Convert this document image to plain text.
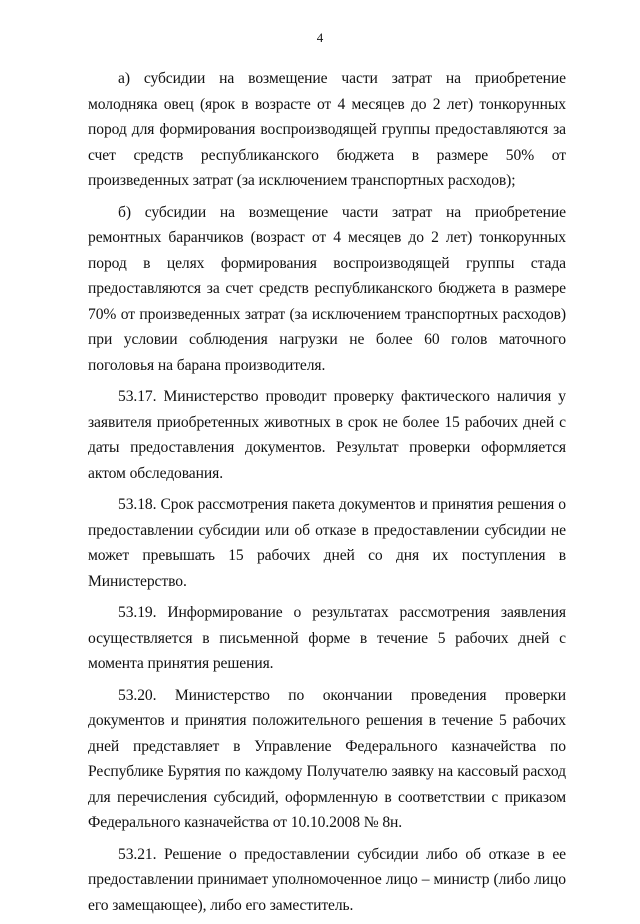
4

а) субсидии на возмещение части затрат на приобретение молодняка овец (ярок в возрасте от 4 месяцев до 2 лет) тонкорунных пород для формирования воспроизводящей группы предоставляются за счет средств республиканского бюджета в размере 50% от произведенных затрат (за исключением транспортных расходов);

б) субсидии на возмещение части затрат на приобретение ремонтных баранчиков (возраст от 4 месяцев до 2 лет) тонкорунных пород в целях формирования воспроизводящей группы стада предоставляются за счет средств республиканского бюджета в размере 70% от произведенных затрат (за исключением транспортных расходов) при условии соблюдения нагрузки не более 60 голов маточного поголовья на барана производителя.

53.17. Министерство проводит проверку фактического наличия у заявителя приобретенных животных в срок не более 15 рабочих дней с даты предоставления документов. Результат проверки оформляется актом обследования.

53.18. Срок рассмотрения пакета документов и принятия решения о предоставлении субсидии или об отказе в предоставлении субсидии не может превышать 15 рабочих дней со дня их поступления в Министерство.

53.19. Информирование о результатах рассмотрения заявления осуществляется в письменной форме в течение 5 рабочих дней с момента принятия решения.

53.20. Министерство по окончании проведения проверки документов и принятия положительного решения в течение 5 рабочих дней представляет в Управление Федерального казначейства по Республике Бурятия по каждому Получателю заявку на кассовый расход для перечисления субсидий, оформленную в соответствии с приказом Федерального казначейства от 10.10.2008 № 8н.

53.21. Решение о предоставлении субсидии либо об отказе в ее предоставлении принимает уполномоченное лицо – министр (либо лицо его замещающее), либо его заместитель.
